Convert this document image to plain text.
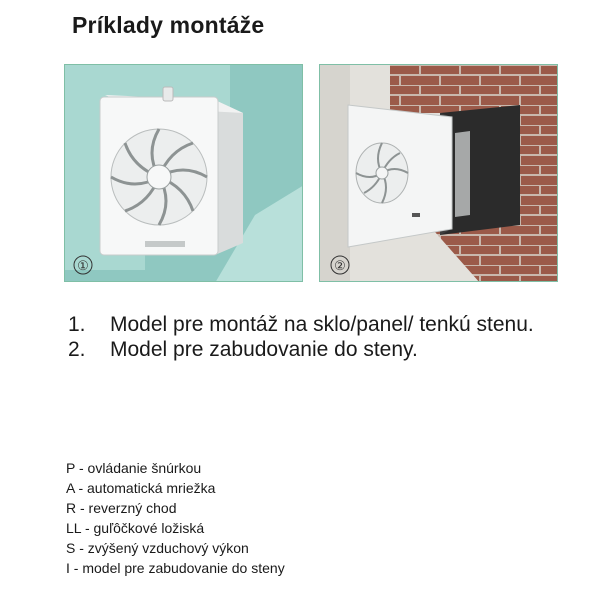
Príklady montáže
①	②
1.	Model pre montáž na sklo/panel/ tenkú stenu.
2.	Model pre zabudovanie do steny.
P - ovládanie šnúrkou
A - automatická mriežka
R - reverzný chod
LL - guľôčkové ložiská
S - zvýšený vzduchový výkon
I - model pre zabudovanie do steny
